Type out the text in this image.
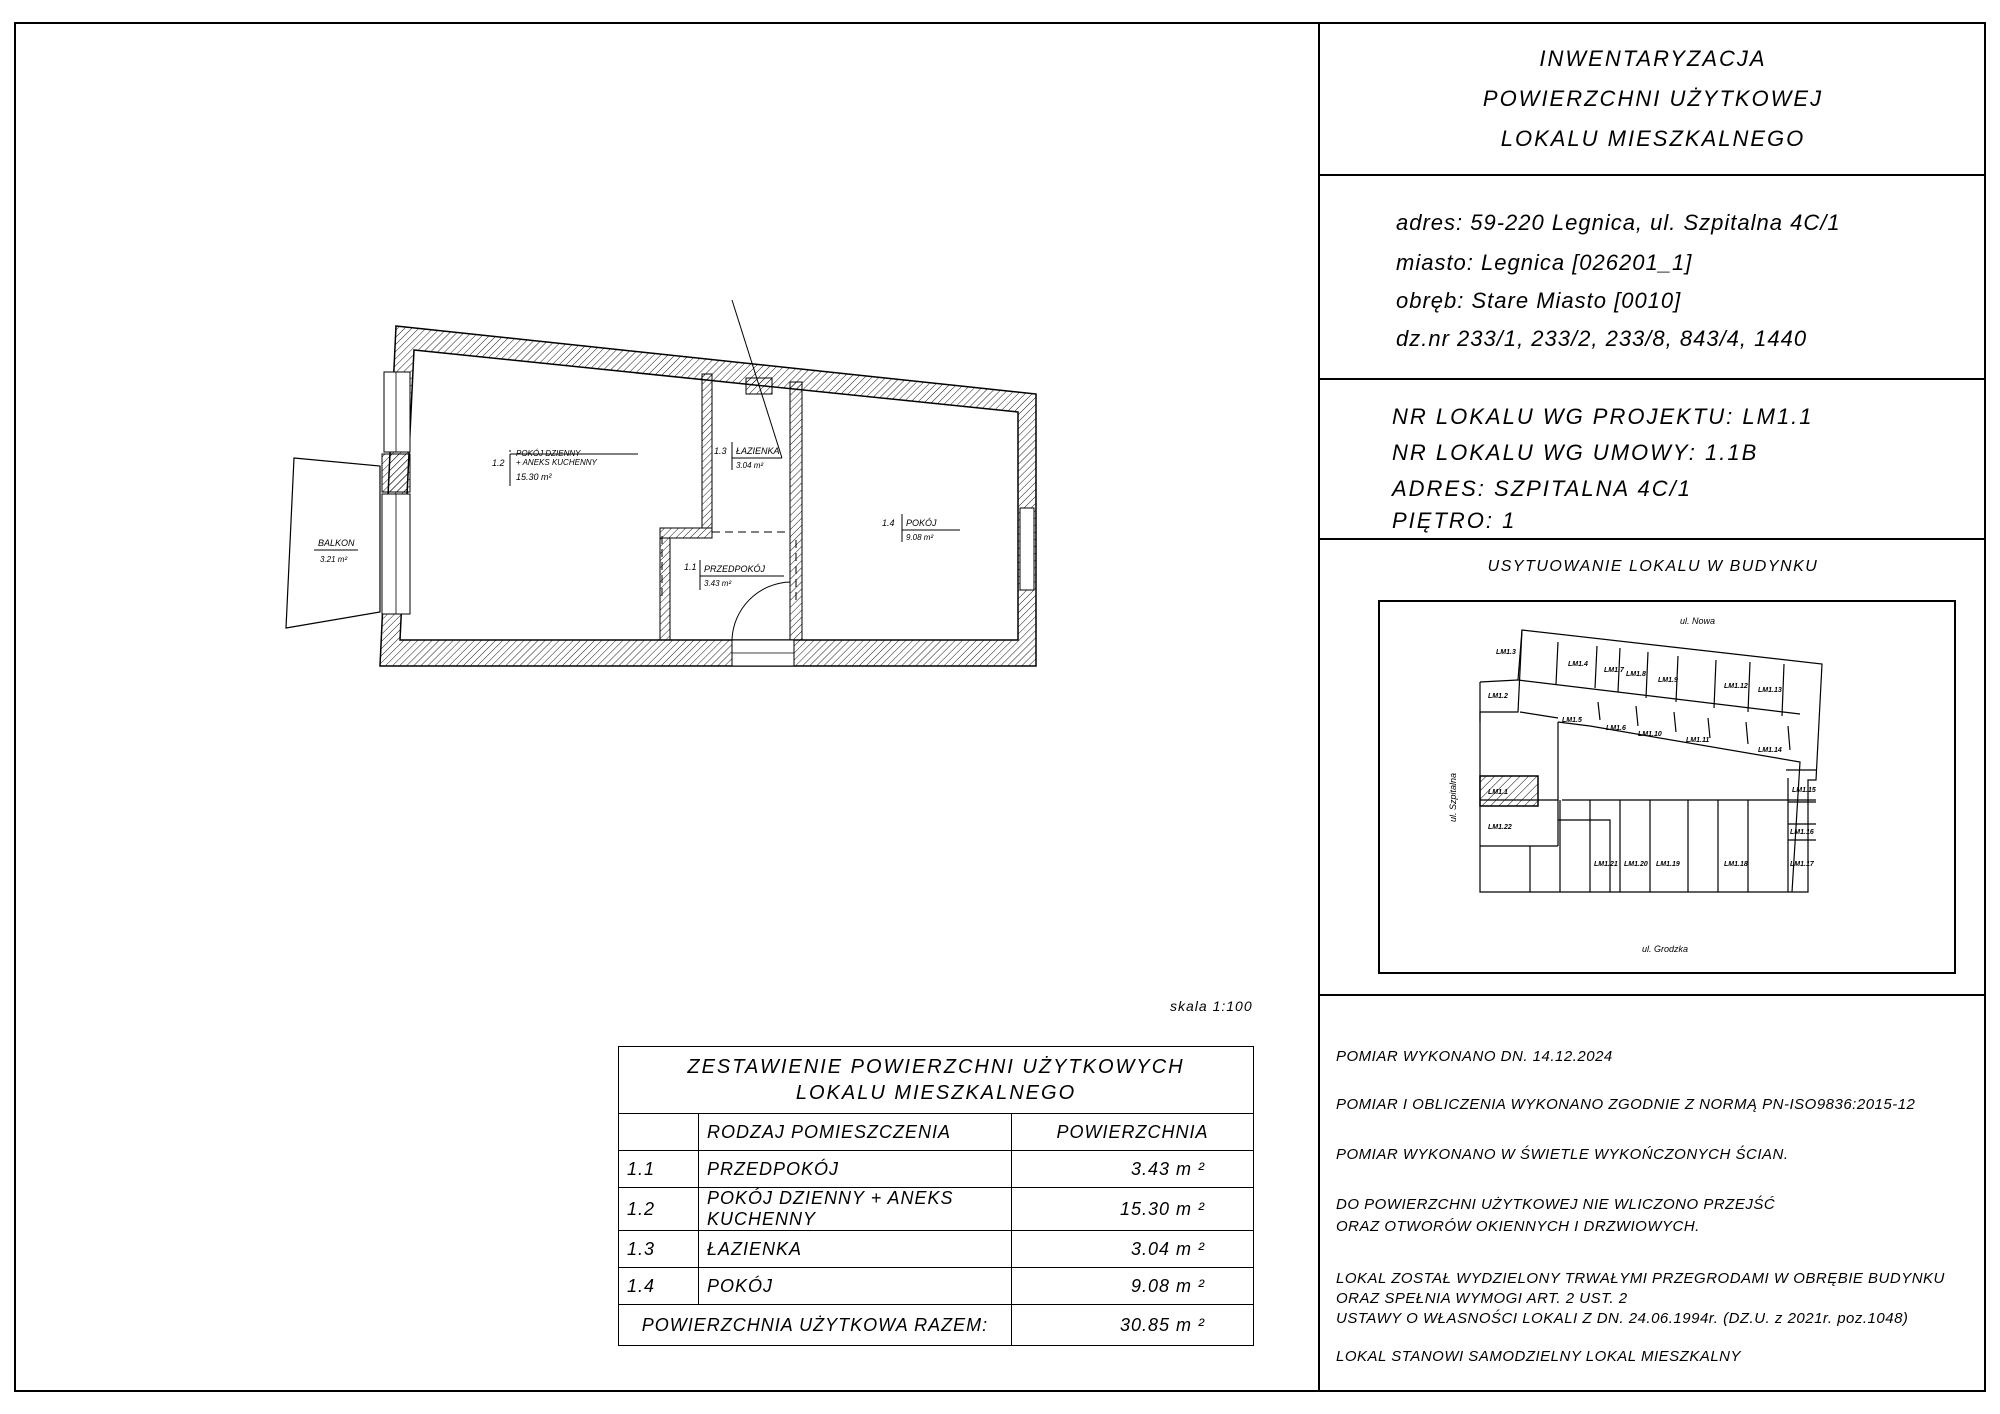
INWENTARYZACJA
POWIERZCHNI UŻYTKOWEJ
LOKALU MIESZKALNEGO
adres: 59-220 Legnica, ul. Szpitalna 4C/1
miasto: Legnica [026201_1]
obręb: Stare Miasto [0010]
dz.nr 233/1, 233/2, 233/8, 843/4, 1440
NR LOKALU WG PROJEKTU: LM1.1
NR LOKALU WG UMOWY: 1.1B
ADRES: SZPITALNA 4C/1
PIĘTRO: 1
USYTUOWANIE LOKALU W BUDYNKU
LM1.1
LM1.22
LM1.2
LM1.3
LM1.4
LM1.5
LM1.6
LM1.7
LM1.8
LM1.9
LM1.10
LM1.11
LM1.12
LM1.13
LM1.14
LM1.15
LM1.16
LM1.17
LM1.18
LM1.19
LM1.20
LM1.21
ul. Nowa
ul. Grodzka
ul. Szpitalna
POMIAR WYKONANO DN. 14.12.2024
POMIAR I OBLICZENIA WYKONANO ZGODNIE Z NORMĄ PN-ISO9836:2015-12
POMIAR WYKONANO W ŚWIETLE WYKOŃCZONYCH ŚCIAN.
DO POWIERZCHNI UŻYTKOWEJ NIE WLICZONO PRZEJŚĆ
ORAZ OTWORÓW OKIENNYCH I DRZWIOWYCH.
LOKAL ZOSTAŁ WYDZIELONY TRWAŁYMI PRZEGRODAMI W OBRĘBIE BUDYNKU
ORAZ SPEŁNIA WYMOGI ART. 2 UST. 2
USTAWY O WŁASNOŚCI LOKALI Z DN. 24.06.1994r. (DZ.U. z 2021r. poz.1048)
LOKAL STANOWI SAMODZIELNY LOKAL MIESZKALNY
skala 1:100
1.2
POKÓJ DZIENNY
+ ANEKS KUCHENNY
15.30 m²
1.3 ŁAZIENKA
3.04 m²
1.4 POKÓJ
9.08 m²
1.1 PRZEDPOKÓJ
3.43 m²
BALKON
3.21 m²
ZESTAWIENIE POWIERZCHNI UŻYTKOWYCH
LOKALU MIESZKALNEGO		

	RODZAJ POMIESZCZENIA	POWIERZCHNIA
1.1	PRZEDPOKÓJ	3.43 m ²
1.2	POKÓJ DZIENNY + ANEKS KUCHENNY	15.30 m ²
1.3	ŁAZIENKA	3.04 m ²
1.4	POKÓJ	9.08 m ²
POWIERZCHNIA UŻYTKOWA RAZEM:		30.85 m ²
